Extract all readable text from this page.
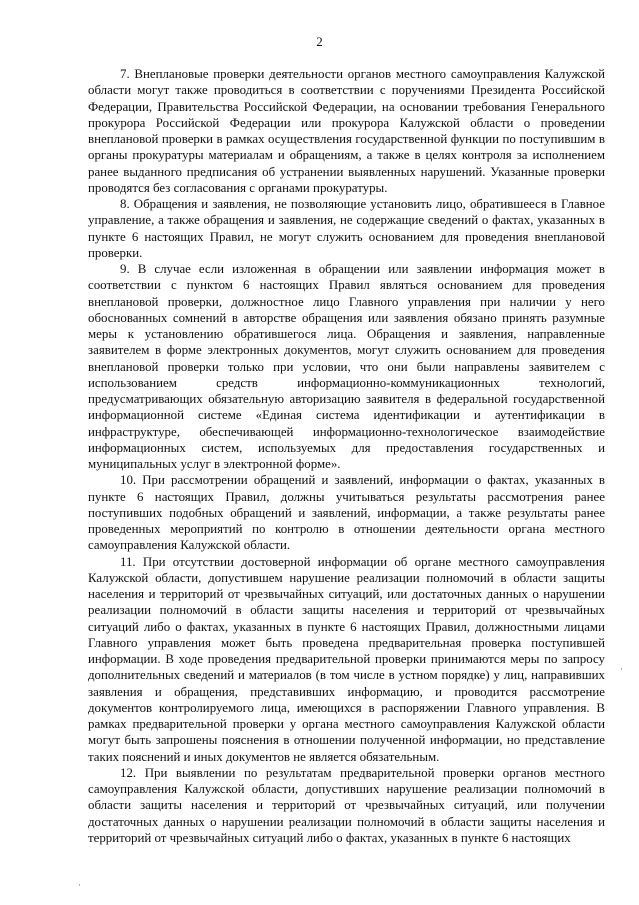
2

7. Внеплановые проверки деятельности органов местного самоуправления Калужской области могут также проводиться в соответствии с поручениями Президента Российской Федерации, Правительства Российской Федерации, на основании требования Генерального прокурора Российской Федерации или прокурора Калужской области о проведении внеплановой проверки в рамках осуществления государственной функции по поступившим в органы прокуратуры материалам и обращениям, а также в целях контроля за исполнением ранее выданного предписания об устранении выявленных нарушений. Указанные проверки проводятся без согласования с органами прокуратуры.

8. Обращения и заявления, не позволяющие установить лицо, обратившееся в Главное управление, а также обращения и заявления, не содержащие сведений о фактах, указанных в пункте 6 настоящих Правил, не могут служить основанием для проведения внеплановой проверки.

9. В случае если изложенная в обращении или заявлении информация может в соответствии с пунктом 6 настоящих Правил являться основанием для проведения внеплановой проверки, должностное лицо Главного управления при наличии у него обоснованных сомнений в авторстве обращения или заявления обязано принять разумные меры к установлению обратившегося лица. Обращения и заявления, направленные заявителем в форме электронных документов, могут служить основанием для проведения внеплановой проверки только при условии, что они были направлены заявителем с использованием средств информационно-коммуникационных технологий, предусматривающих обязательную авторизацию заявителя в федеральной государственной информационной системе «Единая система идентификации и аутентификации в инфраструктуре, обеспечивающей информационно-технологическое взаимодействие информационных систем, используемых для предоставления государственных и муниципальных услуг в электронной форме».

10. При рассмотрении обращений и заявлений, информации о фактах, указанных в пункте 6 настоящих Правил, должны учитываться результаты рассмотрения ранее поступивших подобных обращений и заявлений, информации, а также результаты ранее проведенных мероприятий по контролю в отношении деятельности органа местного самоуправления Калужской области.

11. При отсутствии достоверной информации об органе местного самоуправления Калужской области, допустившем нарушение реализации полномочий в области защиты населения и территорий от чрезвычайных ситуаций, или достаточных данных о нарушении реализации полномочий в области защиты населения и территорий от чрезвычайных ситуаций либо о фактах, указанных в пункте 6 настоящих Правил, должностными лицами Главного управления может быть проведена предварительная проверка поступившей информации. В ходе проведения предварительной проверки принимаются меры по запросу дополнительных сведений и материалов (в том числе в устном порядке) у лиц, направивших заявления и обращения, представивших информацию, и проводится рассмотрение документов контролируемого лица, имеющихся в распоряжении Главного управления. В рамках предварительной проверки у органа местного самоуправления Калужской области могут быть запрошены пояснения в отношении полученной информации, но представление таких пояснений и иных документов не является обязательным.

12. При выявлении по результатам предварительной проверки органов местного самоуправления Калужской области, допустивших нарушение реализации полномочий в области защиты населения и территорий от чрезвычайных ситуаций, или получении достаточных данных о нарушении реализации полномочий в области защиты населения и территорий от чрезвычайных ситуаций либо о фактах, указанных в пункте 6 настоящих

·
·
